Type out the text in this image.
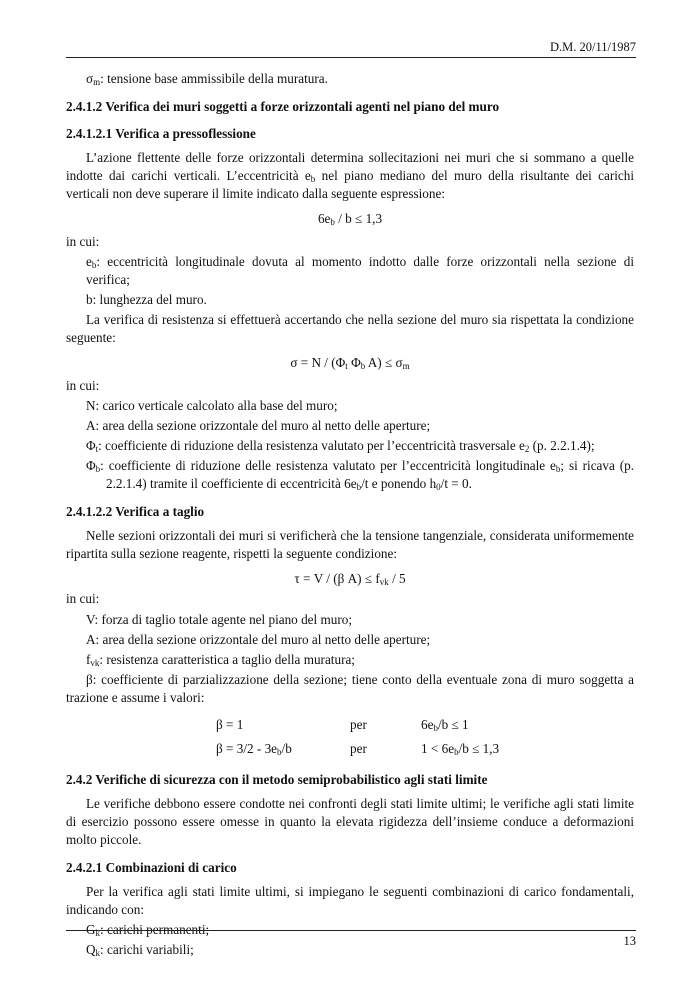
D.M. 20/11/1987

$\sigma_m$: tensione base ammissibile della muratura.

2.4.1.2 Verifica dei muri soggetti a forze orizzontali agenti nel piano del muro

2.4.1.2.1 Verifica a pressoflessione

L’azione flettente delle forze orizzontali determina sollecitazioni nei muri che si sommano a quelle indotte dai carichi verticali. L’eccentricità $e_b$ nel piano mediano del muro della risultante dei carichi verticali non deve superare il limite indicato dalla seguente espressione:

$6e_b / b \le 1,3$

in cui:

$e_b$: eccentricità longitudinale dovuta al momento indotto dalle forze orizzontali nella sezione di verifica;

b: lunghezza del muro.

La verifica di resistenza si effettuerà accertando che nella sezione del muro sia rispettata la condizione seguente:

$\sigma = N / (\Phi_t$ $\Phi_b$ $A) \le \sigma_m$

in cui:

N: carico verticale calcolato alla base del muro;

A: area della sezione orizzontale del muro al netto delle aperture;

$\Phi_t$: coefficiente di riduzione della resistenza valutato per l’eccentricità trasversale $e_2$ (p. 2.2.1.4);

$\Phi_b$: coefficiente di riduzione delle resistenza valutato per l’eccentricità longitudinale $e_b$; si ricava (p. 2.2.1.4) tramite il coefficiente di eccentricità $6e_b/t$ e ponendo $h_0/t = 0$.

2.4.1.2.2 Verifica a taglio

Nelle sezioni orizzontali dei muri si verificherà che la tensione tangenziale, considerata uniformemente ripartita sulla sezione reagente, rispetti la seguente condizione:

τ = V / (β $A) \le f_{vk} / 5$

in cui:

V: forza di taglio totale agente nel piano del muro;

A: area della sezione orizzontale del muro al netto delle aperture;

$f_{vk}$: resistenza caratteristica a taglio della muratura;

β: coefficiente di parzializzazione della sezione; tiene conto della eventuale zona di muro soggetta a trazione e assume i valori:

β = 1	per	$6e_b/b \le 1$
$\beta = 3/2 - 3e_b/b$	per	$1 < 6e_b/b \le 1,3$

2.4.2 Verifiche di sicurezza con il metodo semiprobabilistico agli stati limite

Le verifiche debbono essere condotte nei confronti degli stati limite ultimi; le verifiche agli stati limite di esercizio possono essere omesse in quanto la elevata rigidezza dell’insieme conduce a deformazioni molto piccole.

2.4.2.1 Combinazioni di carico

Per la verifica agli stati limite ultimi, si impiegano le seguenti combinazioni di carico fondamentali, indicando con:

$G_k$: carichi permanenti;

$Q_k$: carichi variabili;

13
